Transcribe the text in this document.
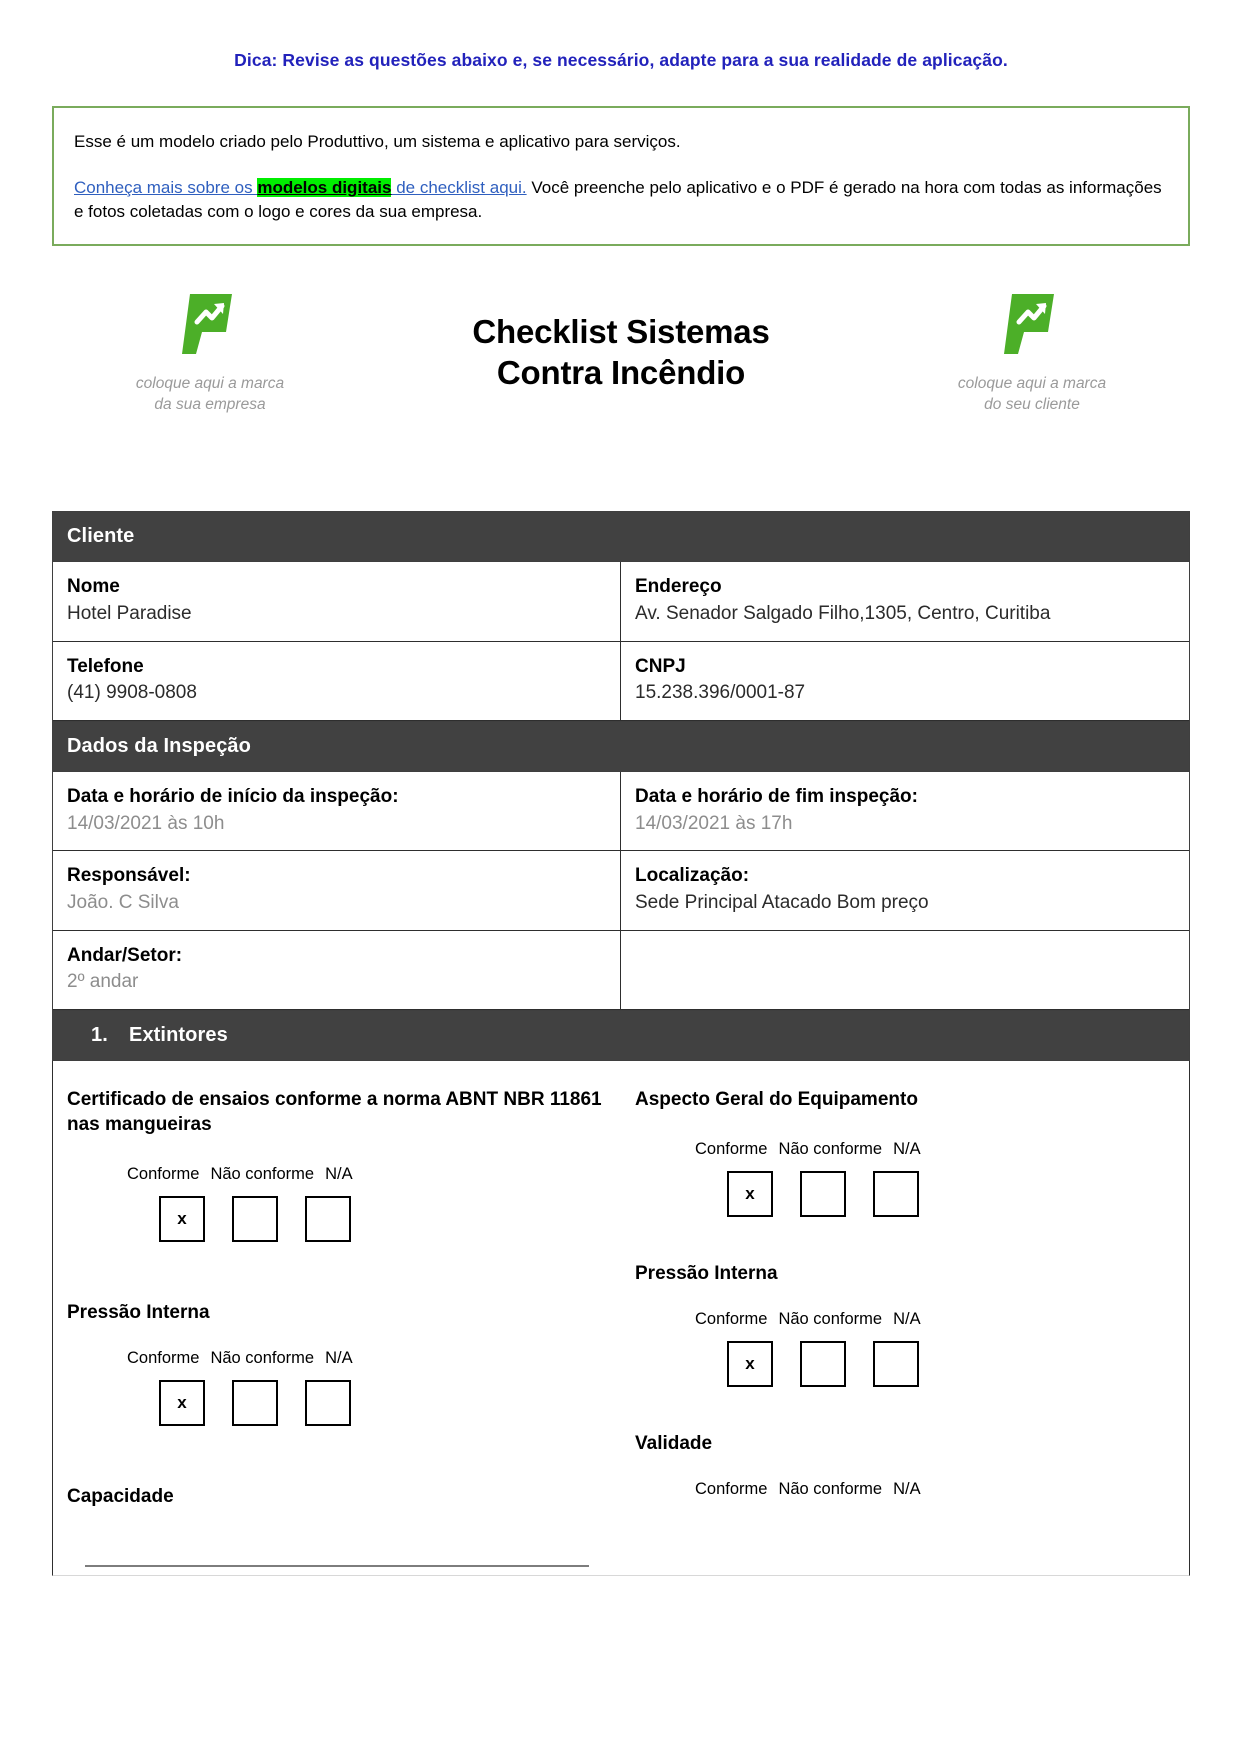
Dica: Revise as questões abaixo e, se necessário, adapte para a sua realidade de aplicação.

Esse é um modelo criado pelo Produttivo, um sistema e aplicativo para serviços.

Conheça mais sobre os modelos digitais de checklist aqui. Você preenche pelo aplicativo e o PDF é gerado na hora com todas as informações e fotos coletadas com o logo e cores da sua empresa.

coloque aqui a marca
da sua empresa
Checklist Sistemas
Contra Incêndio	coloque aqui a marca
do seu cliente
Cliente
Nome
Hotel Paradise
Endereço
Av. Senador Salgado Filho,1305, Centro, Curitiba
Telefone
(41) 9908-0808
CNPJ
15.238.396/0001-87
Dados da Inspeção
Data e horário de início da inspeção:
14/03/2021 às 10h
Data e horário de fim inspeção:
14/03/2021 às 17h
Responsável:
João. C Silva
Localização:
Sede Principal Atacado Bom preço
Andar/Setor:
2º andar
1. Extintores

Certificado de ensaios conforme a norma ABNT NBR 11861 nas mangueiras

Conforme Não conforme N/A
x

Pressão Interna

Conforme Não conforme N/A
x

Capacidade

Aspecto Geral do Equipamento

Conforme Não conforme N/A
x

Pressão Interna

Conforme Não conforme N/A
x

Validade

Conforme Não conforme N/A
